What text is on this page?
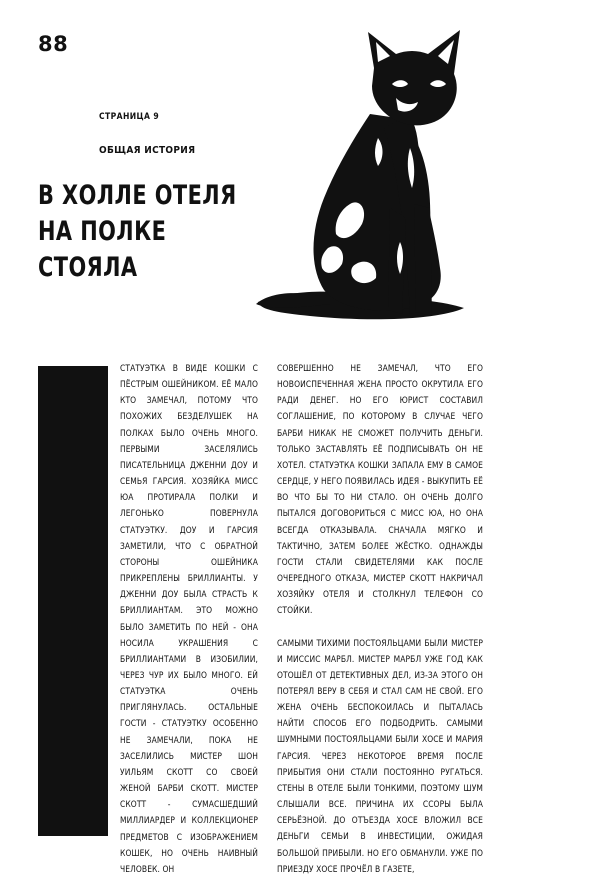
88
СТРАНИЦА 9
ОБЩАЯ ИСТОРИЯ
В ХОЛЛЕ ОТЕЛЯ
НА ПОЛКЕ
СТОЯЛА

СТАТУЭТКА В ВИДЕ КОШКИ С ПЁСТРЫМ ОШЕЙНИКОМ. ЕЁ МАЛО КТО ЗАМЕЧАЛ, ПОТОМУ ЧТО ПОХОЖИХ БЕЗДЕЛУШЕК НА ПОЛКАХ БЫЛО ОЧЕНЬ МНОГО. ПЕРВЫМИ ЗАСЕЛЯЛИСЬ ПИСАТЕЛЬНИЦА ДЖЕННИ ДОУ И СЕМЬЯ ГАРСИЯ. ХОЗЯЙКА МИСС ЮА ПРОТИРАЛА ПОЛКИ И ЛЕГОНЬКО ПОВЕРНУЛА СТАТУЭТКУ. ДОУ И ГАРСИЯ ЗАМЕТИЛИ, ЧТО С ОБРАТНОЙ СТОРОНЫ ОШЕЙНИКА ПРИКРЕПЛЕНЫ БРИЛЛИАНТЫ. У ДЖЕННИ ДОУ БЫЛА СТРАСТЬ К БРИЛЛИАНТАМ. ЭТО МОЖНО БЫЛО ЗАМЕТИТЬ ПО НЕЙ - ОНА НОСИЛА УКРАШЕНИЯ С БРИЛЛИАНТАМИ В ИЗОБИЛИИ, ЧЕРЕЗ ЧУР ИХ БЫЛО МНОГО. ЕЙ СТАТУЭТКА ОЧЕНЬ ПРИГЛЯНУЛАСЬ. ОСТАЛЬНЫЕ ГОСТИ - СТАТУЭТКУ ОСОБЕННО НЕ ЗАМЕЧАЛИ, ПОКА НЕ ЗАСЕЛИЛИСЬ МИСТЕР ШОН УИЛЬЯМ СКОТТ СО СВОЕЙ ЖЕНОЙ БАРБИ СКОТТ. МИСТЕР СКОТТ - СУМАСШЕДШИЙ МИЛЛИАРДЕР И КОЛЛЕКЦИОНЕР ПРЕДМЕТОВ С ИЗОБРАЖЕНИЕМ КОШЕК, НО ОЧЕНЬ НАИВНЫЙ ЧЕЛОВЕК. ОН

СОВЕРШЕННО НЕ ЗАМЕЧАЛ, ЧТО ЕГО НОВОИСПЕЧЕННАЯ ЖЕНА ПРОСТО ОКРУТИЛА ЕГО РАДИ ДЕНЕГ. НО ЕГО ЮРИСТ СОСТАВИЛ СОГЛАШЕНИЕ, ПО КОТОРОМУ В СЛУЧАЕ ЧЕГО БАРБИ НИКАК НЕ СМОЖЕТ ПОЛУЧИТЬ ДЕНЬГИ. ТОЛЬКО ЗАСТАВЛЯТЬ ЕЁ ПОДПИСЫВАТЬ ОН НЕ ХОТЕЛ. СТАТУЭТКА КОШКИ ЗАПАЛА ЕМУ В САМОЕ СЕРДЦЕ, У НЕГО ПОЯВИЛАСЬ ИДЕЯ - ВЫКУПИТЬ ЕЁ ВО ЧТО БЫ ТО НИ СТАЛО. ОН ОЧЕНЬ ДОЛГО ПЫТАЛСЯ ДОГОВОРИТЬСЯ С МИСС ЮА, НО ОНА ВСЕГДА ОТКАЗЫВАЛА. СНАЧАЛА МЯГКО И ТАКТИЧНО, ЗАТЕМ БОЛЕЕ ЖЁСТКО. ОДНАЖДЫ ГОСТИ СТАЛИ СВИДЕТЕЛЯМИ КАК ПОСЛЕ ОЧЕРЕДНОГО ОТКАЗА, МИСТЕР СКОТТ НАКРИЧАЛ ХОЗЯЙКУ ОТЕЛЯ И СТОЛКНУЛ ТЕЛЕФОН СО СТОЙКИ.

САМЫМИ ТИХИМИ ПОСТОЯЛЬЦАМИ БЫЛИ МИСТЕР И МИССИС МАРБЛ. МИСТЕР МАРБЛ УЖЕ ГОД КАК ОТОШЁЛ ОТ ДЕТЕКТИВНЫХ ДЕЛ, ИЗ-ЗА ЭТОГО ОН ПОТЕРЯЛ ВЕРУ В СЕБЯ И СТАЛ САМ НЕ СВОЙ. ЕГО ЖЕНА ОЧЕНЬ БЕСПОКОИЛАСЬ И ПЫТАЛАСЬ НАЙТИ СПОСОБ ЕГО ПОДБОДРИТЬ. САМЫМИ ШУМНЫМИ ПОСТОЯЛЬЦАМИ БЫЛИ ХОСЕ И МАРИЯ ГАРСИЯ. ЧЕРЕЗ НЕКОТОРОЕ ВРЕМЯ ПОСЛЕ ПРИБЫТИЯ ОНИ СТАЛИ ПОСТОЯННО РУГАТЬСЯ. СТЕНЫ В ОТЕЛЕ БЫЛИ ТОНКИМИ, ПОЭТОМУ ШУМ СЛЫШАЛИ ВСЕ. ПРИЧИНА ИХ ССОРЫ БЫЛА СЕРЬЁЗНОЙ. ДО ОТЪЕЗДА ХОСЕ ВЛОЖИЛ ВСЕ ДЕНЬГИ СЕМЬИ В ИНВЕСТИЦИИ, ОЖИДАЯ БОЛЬШОЙ ПРИБЫЛИ. НО ЕГО ОБМАНУЛИ. УЖЕ ПО ПРИЕЗДУ ХОСЕ ПРОЧЁЛ В ГАЗЕТЕ,
